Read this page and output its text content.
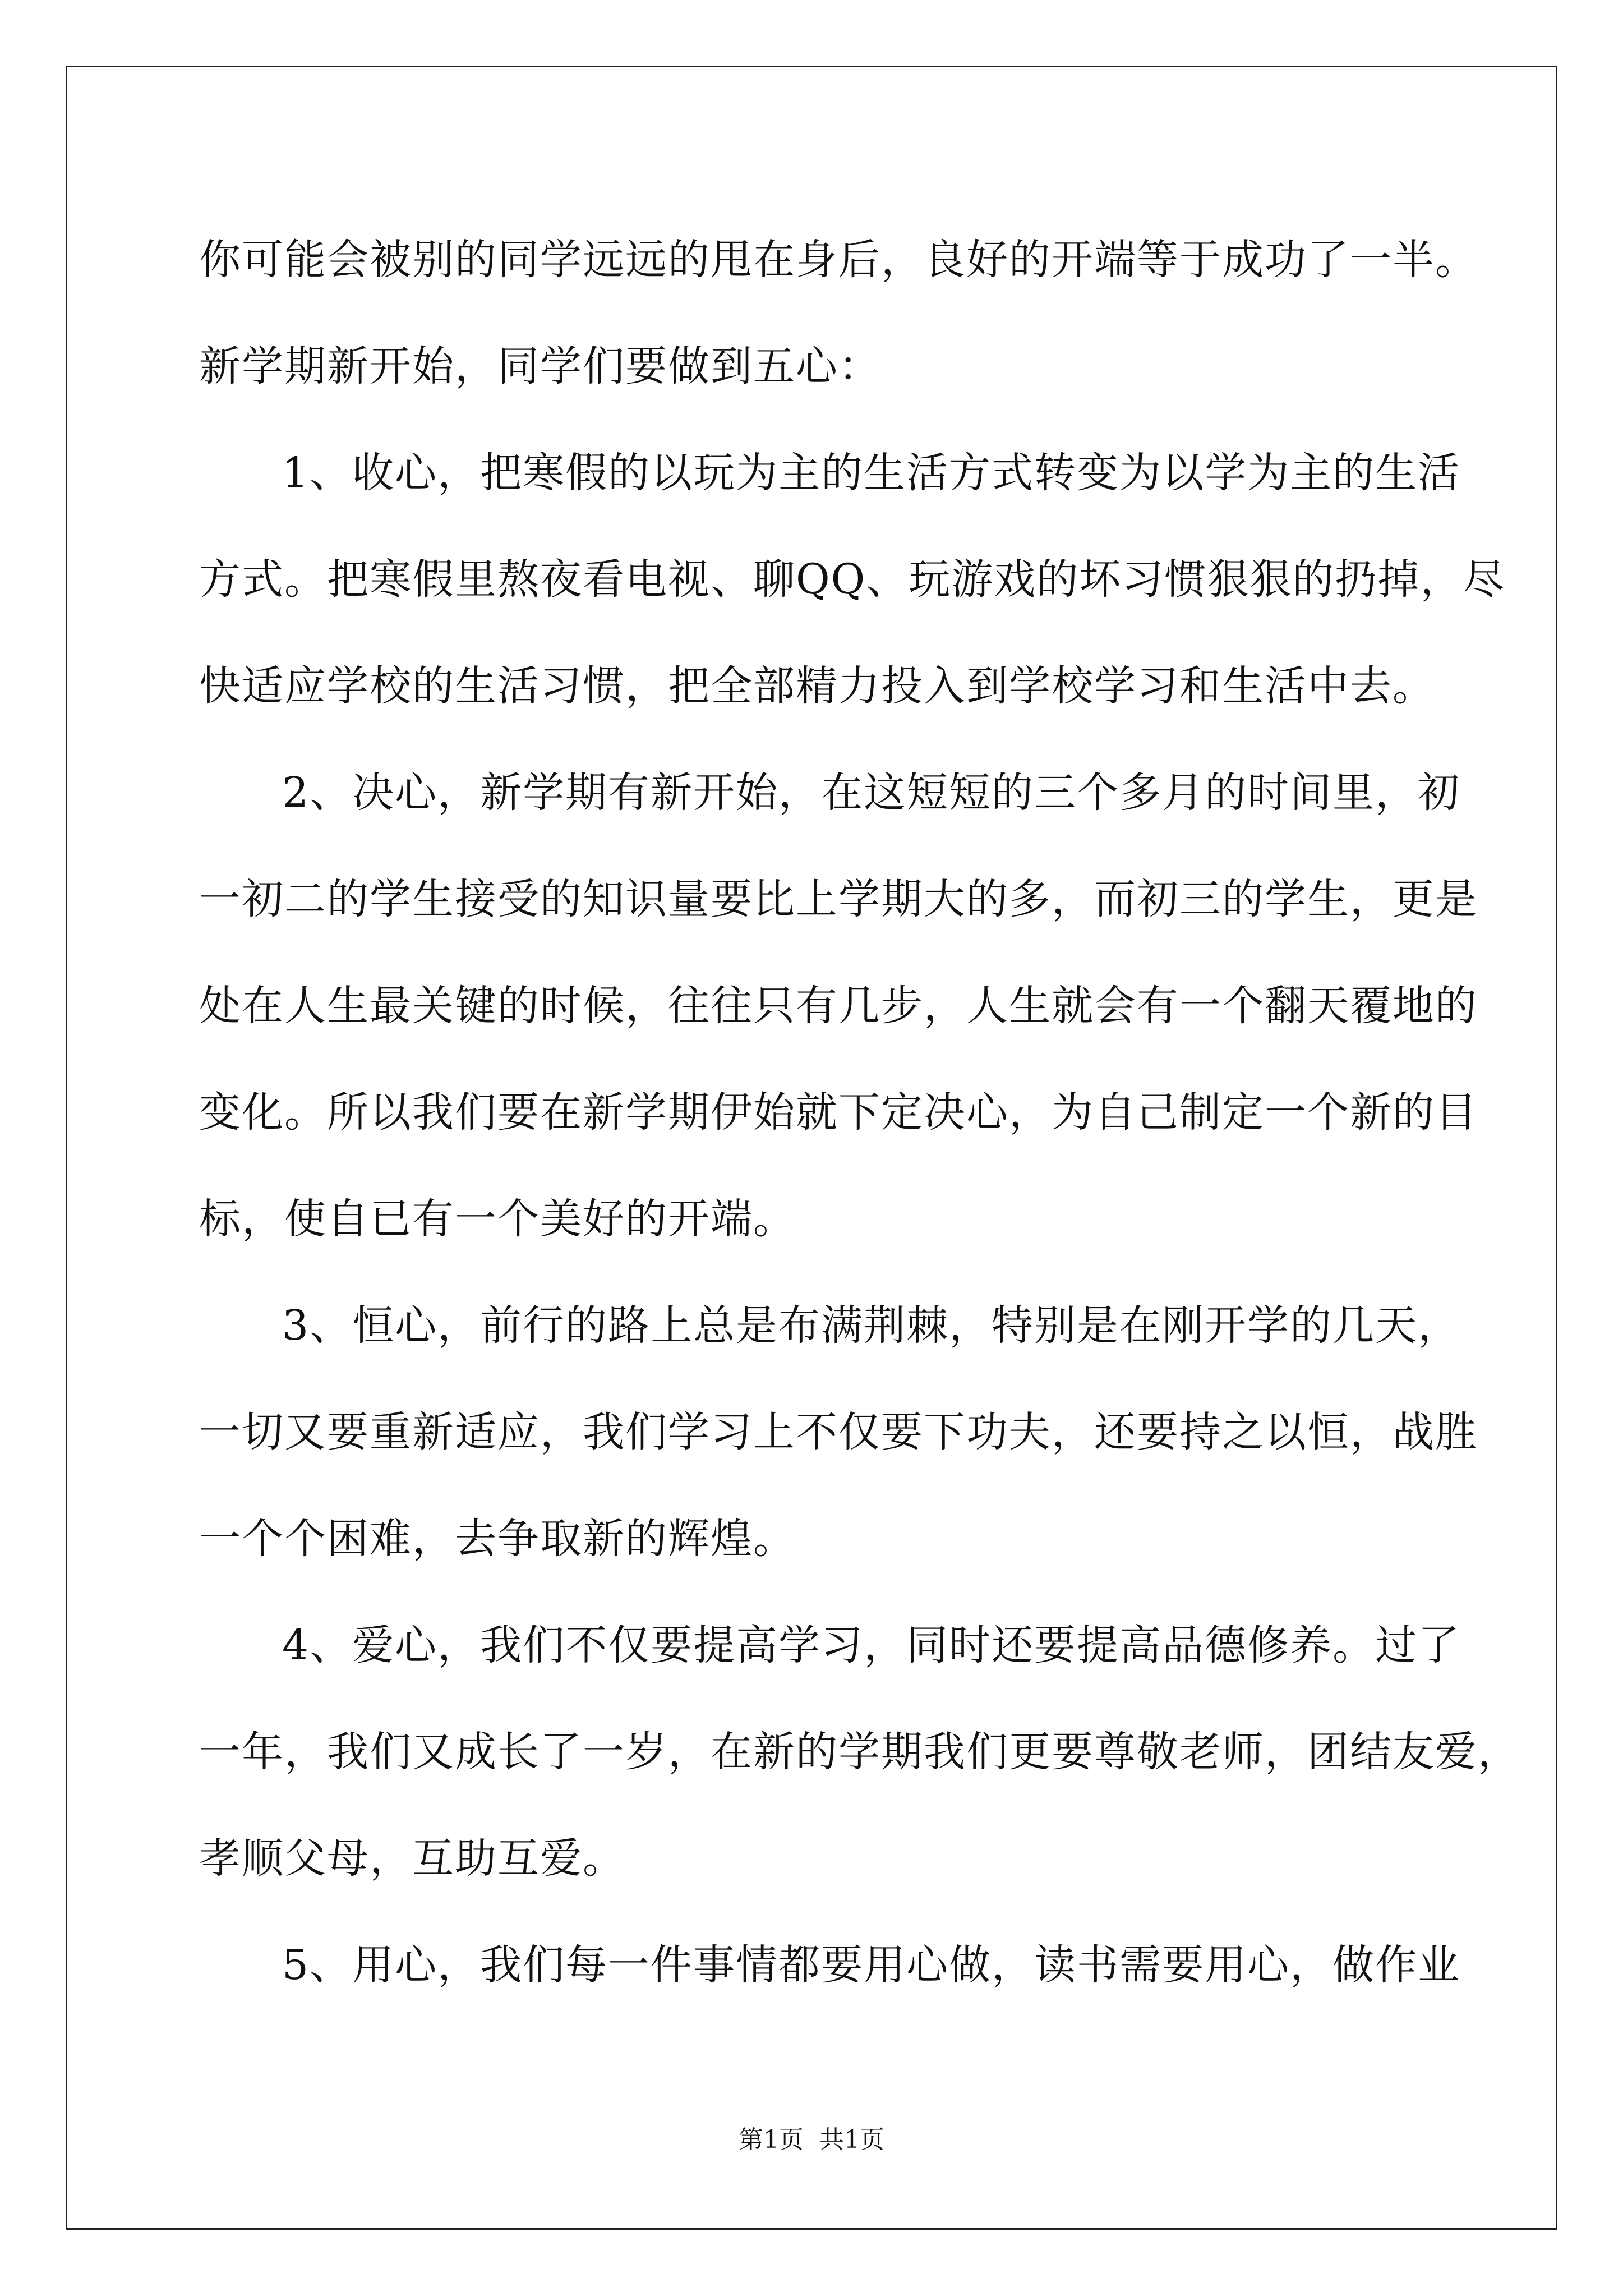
你可能会被别的同学远远的甩在身后，良好的开端等于成功了一半。
新学期新开始，同学们要做到五心：
1、收心，把寒假的以玩为主的生活方式转变为以学为主的生活
方式。把寒假里熬夜看电视、聊QQ、玩游戏的坏习惯狠狠的扔掉，尽
快适应学校的生活习惯，把全部精力投入到学校学习和生活中去。
2、决心，新学期有新开始，在这短短的三个多月的时间里，初
一初二的学生接受的知识量要比上学期大的多，而初三的学生，更是
处在人生最关键的时候，往往只有几步，人生就会有一个翻天覆地的
变化。所以我们要在新学期伊始就下定决心，为自己制定一个新的目
标，使自已有一个美好的开端。
3、恒心，前行的路上总是布满荆棘，特别是在刚开学的几天，
一切又要重新适应，我们学习上不仅要下功夫，还要持之以恒，战胜
一个个困难，去争取新的辉煌。
4、爱心，我们不仅要提高学习，同时还要提高品德修养。过了
一年，我们又成长了一岁，在新的学期我们更要尊敬老师，团结友爱，
孝顺父母，互助互爱。
5、用心，我们每一件事情都要用心做，读书需要用心，做作业
第1页  共1页
